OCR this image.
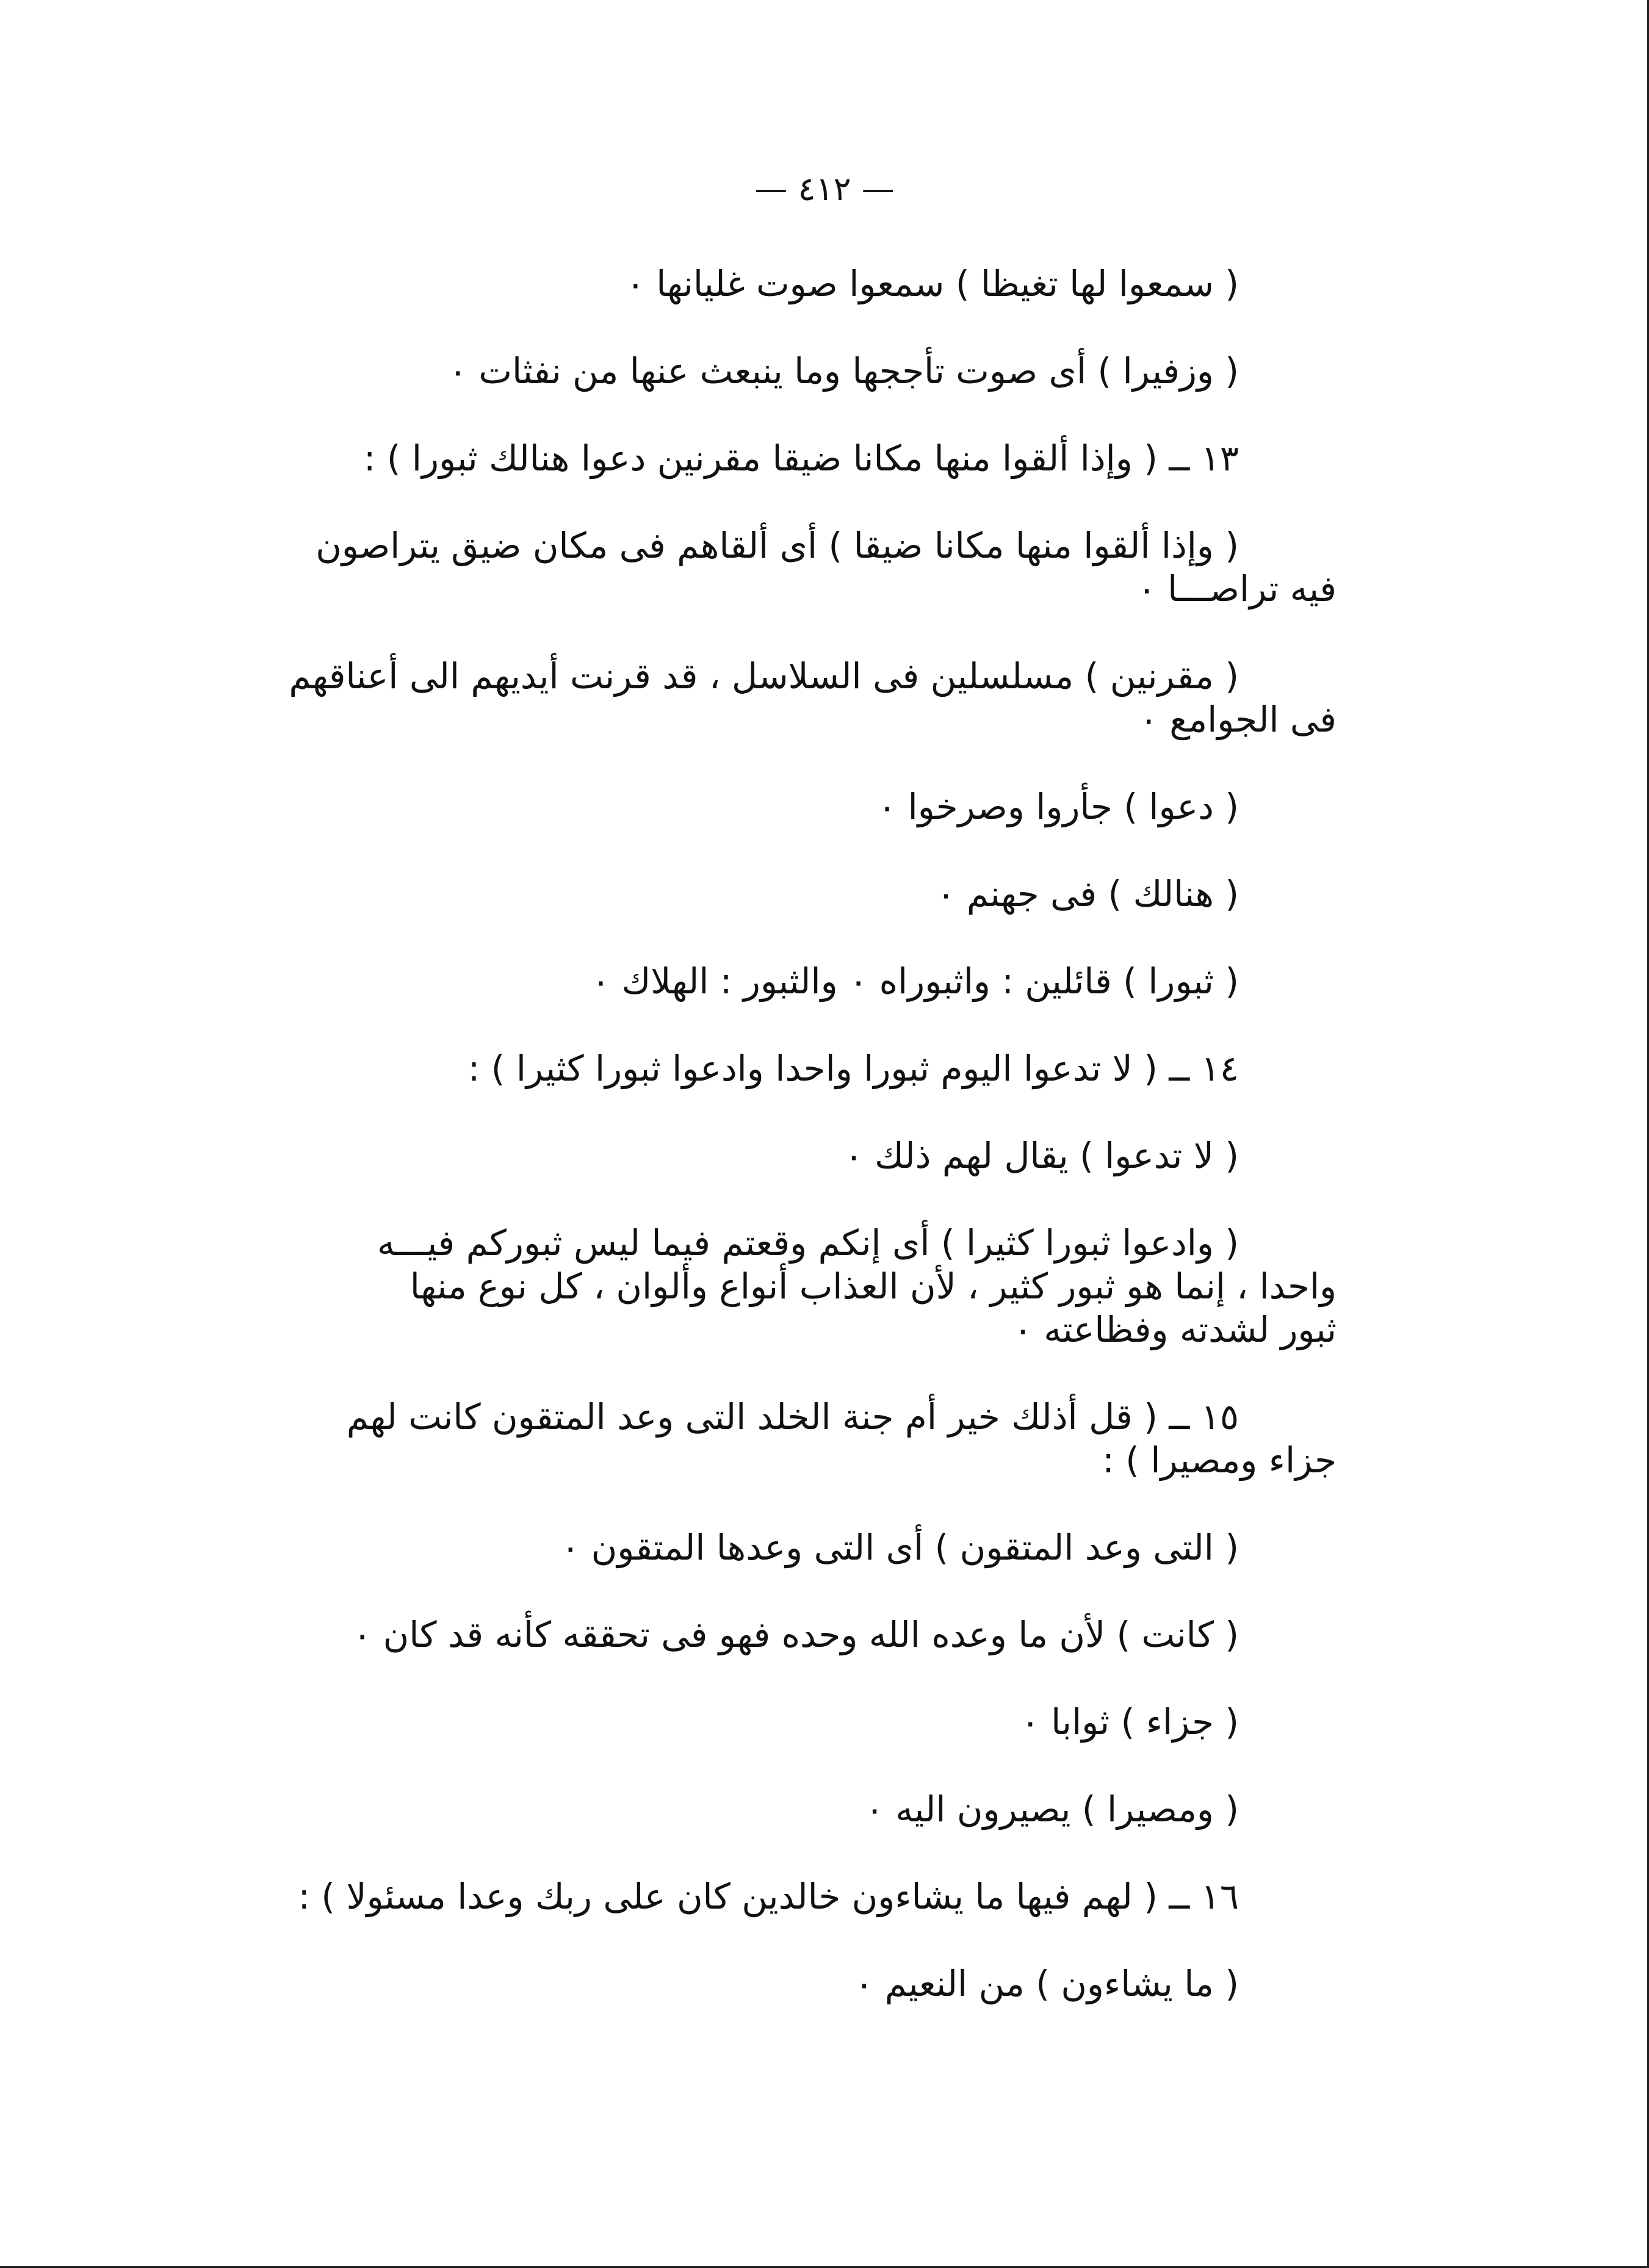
— ٤١٢ —
( سمعوا لها تغيظا ) سمعوا صوت غليانها ٠
( وزفيرا ) أى صوت تأججها وما ينبعث عنها من نفثات ٠
١٣ ــ ( وإذا ألقوا منها مكانا ضيقا مقرنين دعوا هنالك ثبورا ) :
( وإذا ألقوا منها مكانا ضيقا ) أى ألقاهم فى مكان ضيق يتراصون
فيه تراصـــا ٠
( مقرنين ) مسلسلين فى السلاسل ، قد قرنت أيديهم الى أعناقهم
فى الجوامع ٠
( دعوا ) جأروا وصرخوا ٠
( هنالك ) فى جهنم ٠
( ثبورا ) قائلين : واثبوراه ٠ والثبور : الهلاك ٠
١٤ ــ ( لا تدعوا اليوم ثبورا واحدا وادعوا ثبورا كثيرا ) :
( لا تدعوا ) يقال لهم ذلك ٠
( وادعوا ثبورا كثيرا ) أى إنكم وقعتم فيما ليس ثبوركم فيـــه
واحدا ، إنما هو ثبور كثير ، لأن العذاب أنواع وألوان ، كل نوع منها
ثبور لشدته وفظاعته ٠
١٥ ــ ( قل أذلك خير أم جنة الخلد التى وعد المتقون كانت لهم
جزاء ومصيرا ) :
( التى وعد المتقون ) أى التى وعدها المتقون ٠
( كانت ) لأن ما وعده الله وحده فهو فى تحققه كأنه قد كان ٠
( جزاء ) ثوابا ٠
( ومصيرا ) يصيرون اليه ٠
١٦ ــ ( لهم فيها ما يشاءون خالدين كان على ربك وعدا مسئولا ) :
( ما يشاءون ) من النعيم ٠
